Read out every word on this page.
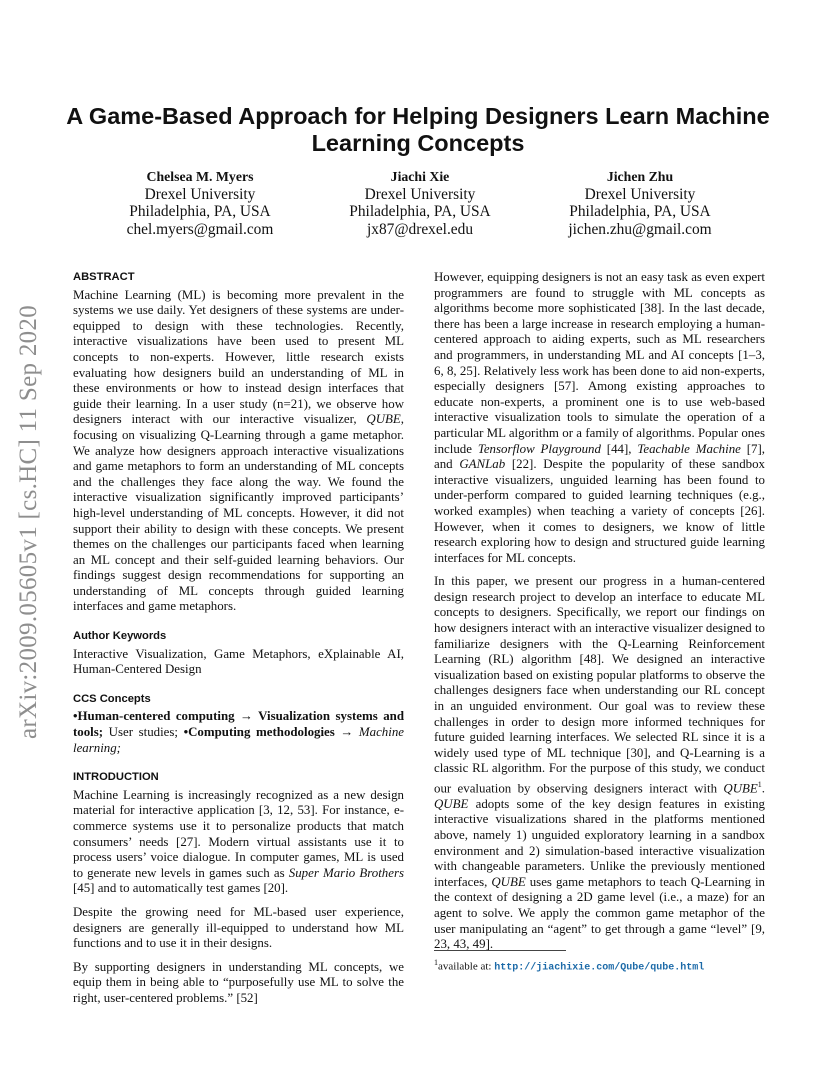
arXiv:2009.05605v1 [cs.HC] 11 Sep 2020
A Game-Based Approach for Helping Designers Learn Machine Learning Concepts
Chelsea M. Myers
Drexel University
Philadelphia, PA, USA
chel.myers@gmail.com
Jiachi Xie
Drexel University
Philadelphia, PA, USA
jx87@drexel.edu
Jichen Zhu
Drexel University
Philadelphia, PA, USA
jichen.zhu@gmail.com
ABSTRACT

Machine Learning (ML) is becoming more prevalent in the systems we use daily. Yet designers of these systems are under-equipped to design with these technologies. Recently, interactive visualizations have been used to present ML concepts to non-experts. However, little research exists evaluating how designers build an understanding of ML in these environments or how to instead design interfaces that guide their learning. In a user study (n=21), we observe how designers interact with our interactive visualizer, QUBE, focusing on visualizing Q-Learning through a game metaphor. We analyze how designers approach interactive visualizations and game metaphors to form an understanding of ML concepts and the challenges they face along the way. We found the interactive visualization significantly improved participants’ high-level understanding of ML concepts. However, it did not support their ability to design with these concepts. We present themes on the challenges our participants faced when learning an ML concept and their self-guided learning behaviors. Our findings suggest design recommendations for supporting an understanding of ML concepts through guided learning interfaces and game metaphors.

Author Keywords

Interactive Visualization, Game Metaphors, eXplainable AI, Human-Centered Design

CCS Concepts

•Human-centered computing → Visualization systems and tools; User studies; •Computing methodologies → Machine learning;

INTRODUCTION

Machine Learning is increasingly recognized as a new design material for interactive application [3, 12, 53]. For instance, e-commerce systems use it to personalize products that match consumers’ needs [27]. Modern virtual assistants use it to process users’ voice dialogue. In computer games, ML is used to generate new levels in games such as Super Mario Brothers [45] and to automatically test games [20].

Despite the growing need for ML-based user experience, designers are generally ill-equipped to understand how ML functions and to use it in their designs.

By supporting designers in understanding ML concepts, we equip them in being able to “purposefully use ML to solve the right, user-centered problems.” [52]

However, equipping designers is not an easy task as even expert programmers are found to struggle with ML concepts as algorithms become more sophisticated [38]. In the last decade, there has been a large increase in research employing a human-centered approach to aiding experts, such as ML researchers and programmers, in understanding ML and AI concepts [1–3, 6, 8, 25]. Relatively less work has been done to aid non-experts, especially designers [57]. Among existing approaches to educate non-experts, a prominent one is to use web-based interactive visualization tools to simulate the operation of a particular ML algorithm or a family of algorithms. Popular ones include Tensorflow Playground [44], Teachable Machine [7], and GANLab [22]. Despite the popularity of these sandbox interactive visualizers, unguided learning has been found to under-perform compared to guided learning techniques (e.g., worked examples) when teaching a variety of concepts [26]. However, when it comes to designers, we know of little research exploring how to design and structured guide learning interfaces for ML concepts.

In this paper, we present our progress in a human-centered design research project to develop an interface to educate ML concepts to designers. Specifically, we report our findings on how designers interact with an interactive visualizer designed to familiarize designers with the Q-Learning Reinforcement Learning (RL) algorithm [48]. We designed an interactive visualization based on existing popular platforms to observe the challenges designers face when understanding our RL concept in an unguided environment. Our goal was to review these challenges in order to design more informed techniques for future guided learning interfaces. We selected RL since it is a widely used type of ML technique [30], and Q-Learning is a classic RL algorithm. For the purpose of this study, we conduct our evaluation by observing designers interact with QUBE$^1$. QUBE adopts some of the key design features in existing interactive visualizations shared in the platforms mentioned above, namely 1) unguided exploratory learning in a sandbox environment and 2) simulation-based interactive visualization with changeable parameters. Unlike the previously mentioned interfaces, QUBE uses game metaphors to teach Q-Learning in the context of designing a 2D game level (i.e., a maze) for an agent to solve. We apply the common game metaphor of the user manipulating an “agent” to get through a game “level” [9, 23, 43, 49].

$^1$available at: http://jiachixie.com/Qube/qube.html
